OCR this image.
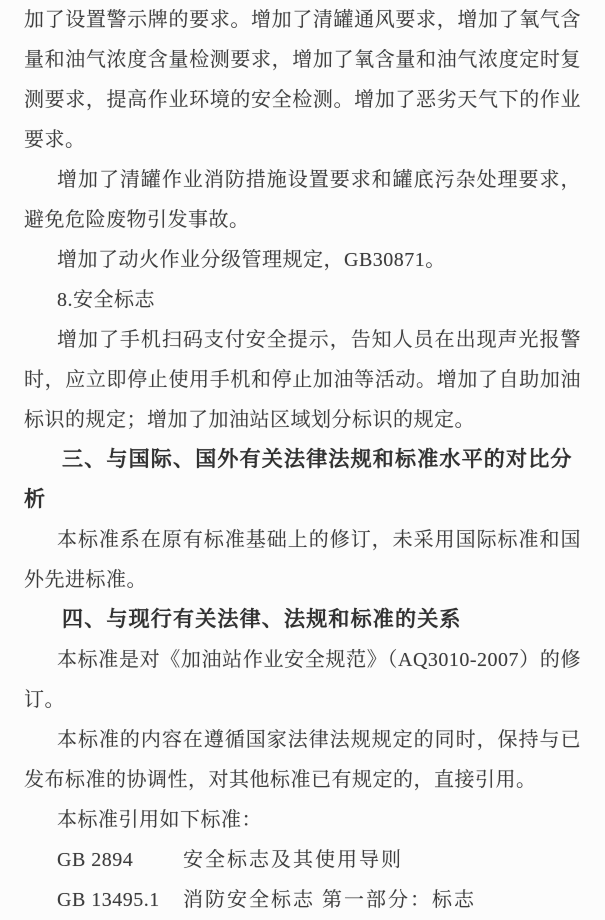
加了设置警示牌的要求。增加了清罐通风要求，增加了氧气含量和油气浓度含量检测要求，增加了氧含量和油气浓度定时复测要求，提高作业环境的安全检测。增加了恶劣天气下的作业要求。

增加了清罐作业消防措施设置要求和罐底污杂处理要求，避免危险废物引发事故。

增加了动火作业分级管理规定，GB30871。

8.安全标志

增加了手机扫码支付安全提示，告知人员在出现声光报警时，应立即停止使用手机和停止加油等活动。增加了自助加油标识的规定；增加了加油站区域划分标识的规定。

三、与国际、国外有关法律法规和标准水平的对比分析

本标准系在原有标准基础上的修订，未采用国际标准和国外先进标准。

四、与现行有关法律、法规和标准的关系

本标准是对《加油站作业安全规范》（AQ3010-2007）的修订。

本标准的内容在遵循国家法律法规规定的同时，保持与已发布标准的协调性，对其他标准已有规定的，直接引用。

本标准引用如下标准：

GB 2894	安全标志及其使用导则
GB 13495.1	消防安全标志 第一部分：标志
